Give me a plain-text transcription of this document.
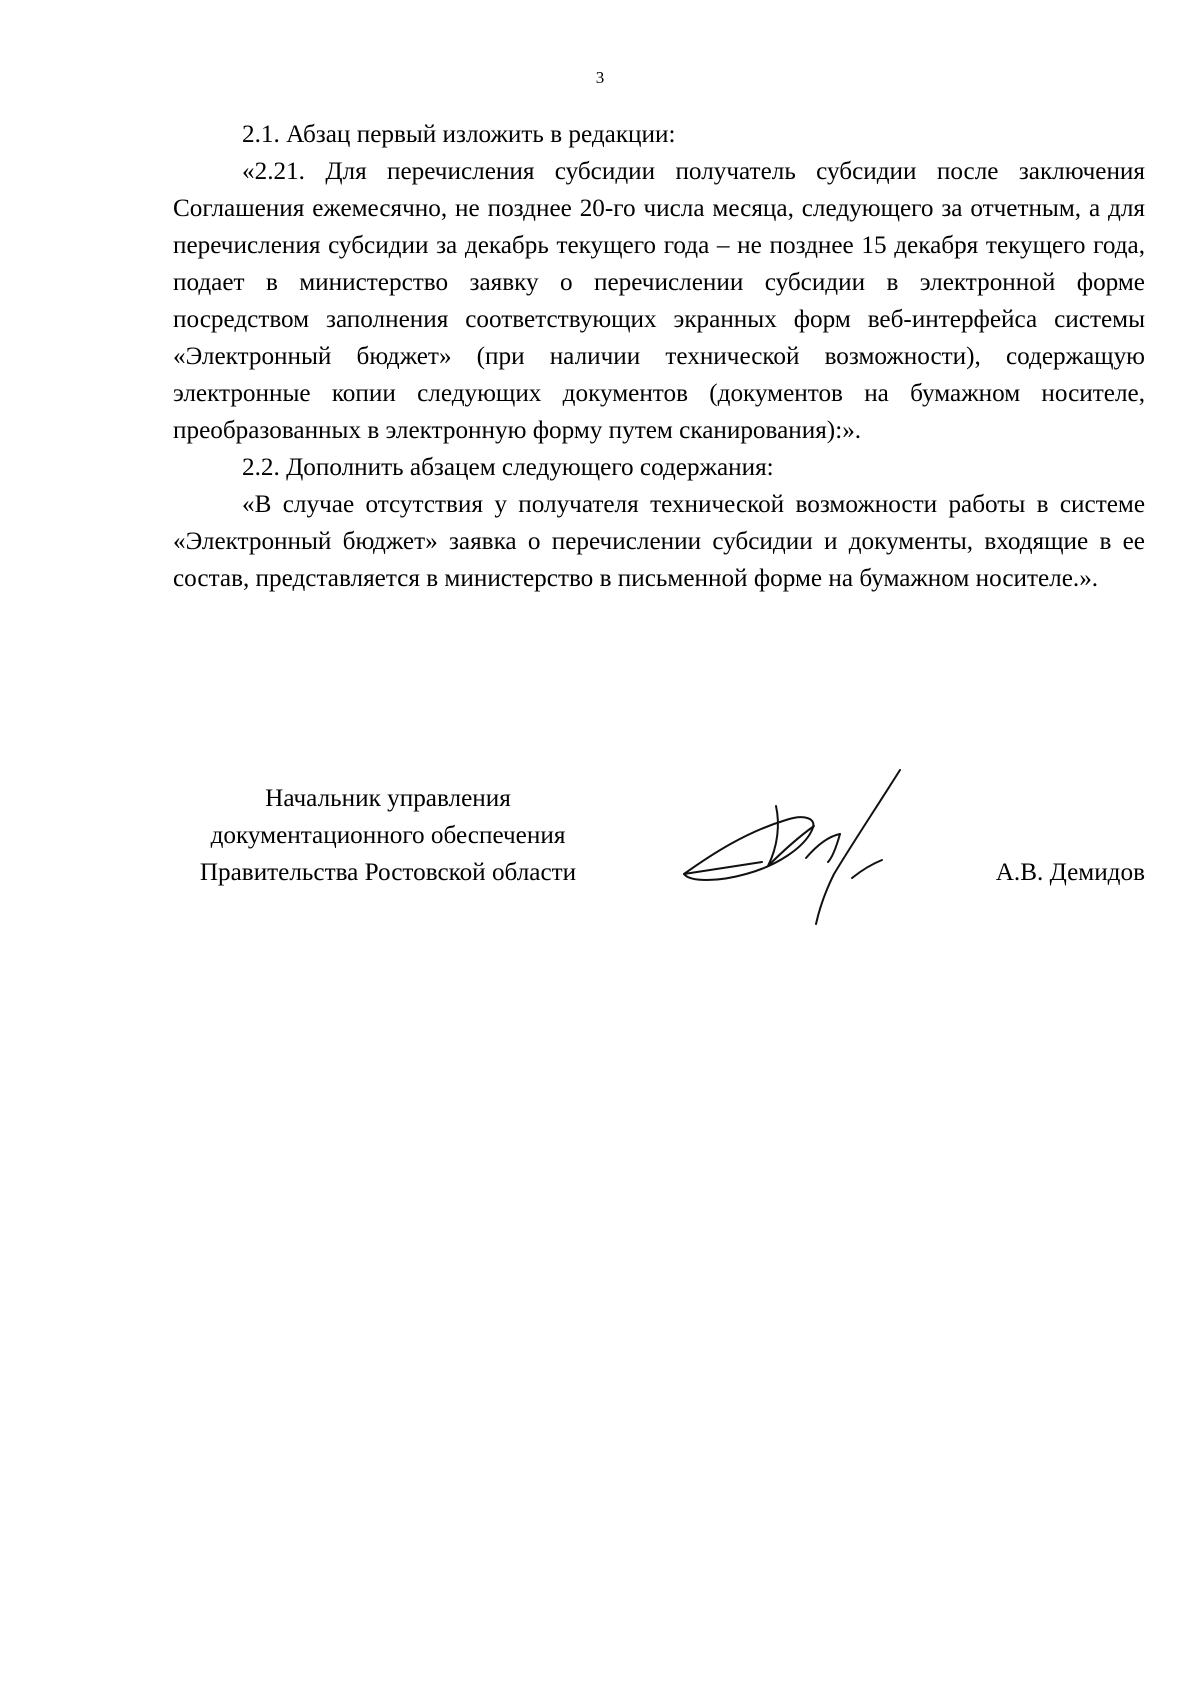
3

2.1. Абзац первый изложить в редакции:

«2.21. Для перечисления субсидии получатель субсидии после заключения Соглашения ежемесячно, не позднее 20-го числа месяца, следующего за отчетным, а для перечисления субсидии за декабрь текущего года – не позднее 15 декабря текущего года, подает в министерство заявку о перечислении субсидии в электронной форме посредством заполнения соответствующих экранных форм веб-интерфейса системы «Электронный бюджет» (при наличии технической возможности), содержащую электронные копии следующих документов (документов на бумажном носителе, преобразованных в электронную форму путем сканирования):».

2.2. Дополнить абзацем следующего содержания:

«В случае отсутствия у получателя технической возможности работы в системе «Электронный бюджет» заявка о перечислении субсидии и документы, входящие в ее состав, представляется в министерство в письменной форме на бумажном носителе.».

Начальник управления
документационного обеспечения
Правительства Ростовской области	А.В. Демидов
